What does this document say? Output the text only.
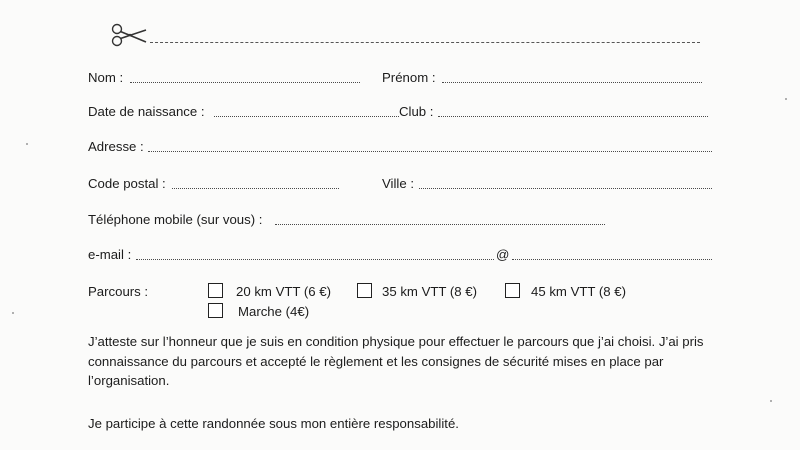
Nom :	Prénom :
Date de naissance :	Club :
Adresse :
Code postal :	Ville :
Téléphone mobile (sur vous) :
e-mail :	@
Parcours :	20 km VTT (6 €)	35 km VTT (8 €)	45 km VTT (8 €)
Marche (4€)

J’atteste sur l’honneur que je suis en condition physique pour effectuer le parcours que j’ai choisi. J’ai pris connaissance du parcours et accepté le règlement et les consignes de sécurité mises en place par l’organisation.

Je participe à cette randonnée sous mon entière responsabilité.
